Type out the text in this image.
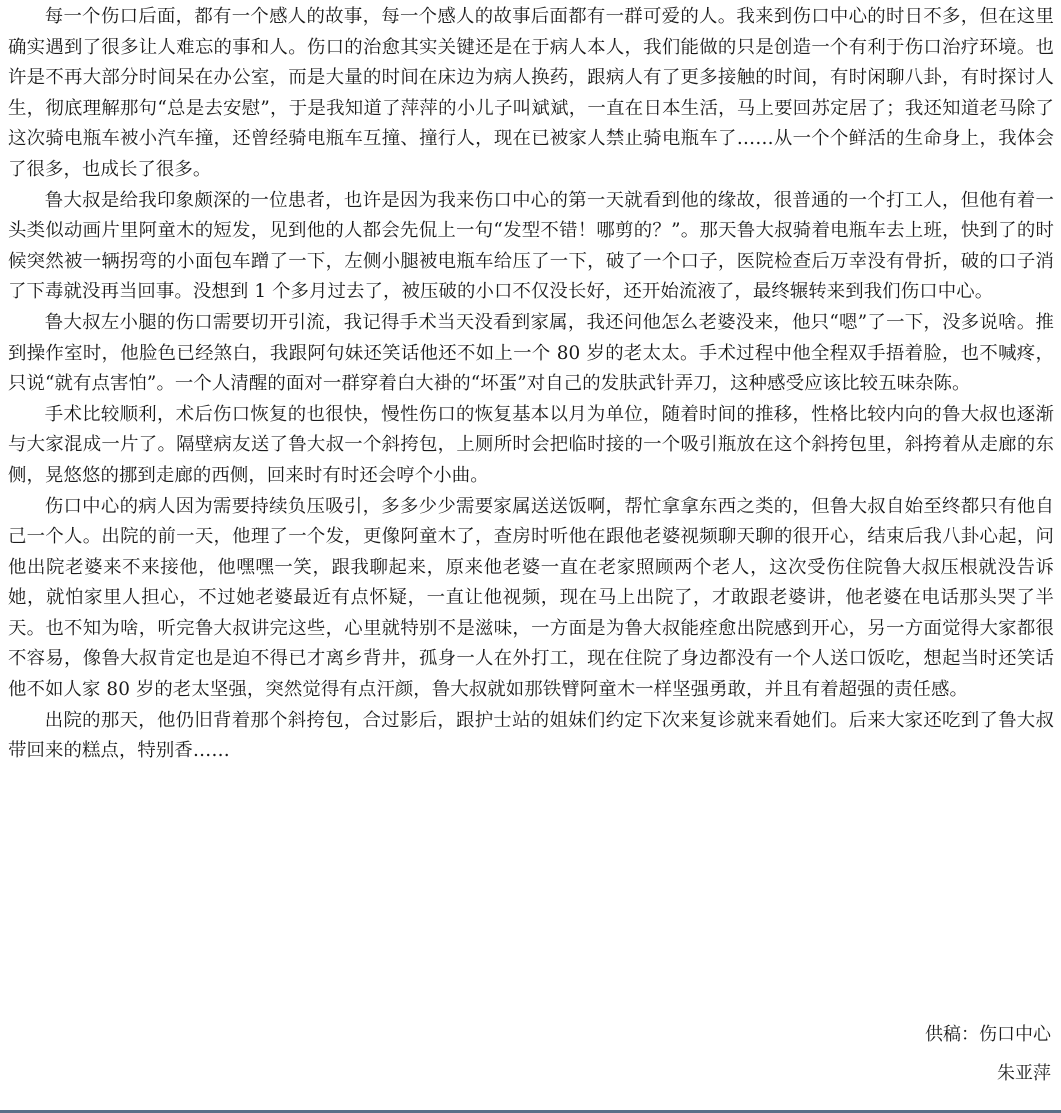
每一个伤口后面，都有一个感人的故事，每一个感人的故事后面都有一群可爱的人。我来到伤口中心的时日不多，但在这里确实遇到了很多让人难忘的事和人。伤口的治愈其实关键还是在于病人本人，我们能做的只是创造一个有利于伤口治疗环境。也许是不再大部分时间呆在办公室，而是大量的时间在床边为病人换药，跟病人有了更多接触的时间，有时闲聊八卦，有时探讨人生，彻底理解那句“总是去安慰”，于是我知道了萍萍的小儿子叫斌斌，一直在日本生活，马上要回苏定居了；我还知道老马除了这次骑电瓶车被小汽车撞，还曾经骑电瓶车互撞、撞行人，现在已被家人禁止骑电瓶车了……从一个个鲜活的生命身上，我体会了很多，也成长了很多。

鲁大叔是给我印象颇深的一位患者，也许是因为我来伤口中心的第一天就看到他的缘故，很普通的一个打工人，但他有着一头类似动画片里阿童木的短发，见到他的人都会先侃上一句“发型不错！哪剪的？”。那天鲁大叔骑着电瓶车去上班，快到了的时候突然被一辆拐弯的小面包车蹭了一下，左侧小腿被电瓶车给压了一下，破了一个口子，医院检查后万幸没有骨折，破的口子消了下毒就没再当回事。没想到 1 个多月过去了，被压破的小口不仅没长好，还开始流液了，最终辗转来到我们伤口中心。

鲁大叔左小腿的伤口需要切开引流，我记得手术当天没看到家属，我还问他怎么老婆没来，他只“嗯”了一下，没多说啥。推到操作室时，他脸色已经煞白，我跟阿句妹还笑话他还不如上一个 80 岁的老太太。手术过程中他全程双手捂着脸，也不喊疼，只说“就有点害怕”。一个人清醒的面对一群穿着白大褂的“坏蛋”对自己的发肤武针弄刀，这种感受应该比较五味杂陈。

手术比较顺利，术后伤口恢复的也很快，慢性伤口的恢复基本以月为单位，随着时间的推移，性格比较内向的鲁大叔也逐渐与大家混成一片了。隔壁病友送了鲁大叔一个斜挎包，上厕所时会把临时接的一个吸引瓶放在这个斜挎包里，斜挎着从走廊的东侧，晃悠悠的挪到走廊的西侧，回来时有时还会哼个小曲。

伤口中心的病人因为需要持续负压吸引，多多少少需要家属送送饭啊，帮忙拿拿东西之类的，但鲁大叔自始至终都只有他自己一个人。出院的前一天，他理了一个发，更像阿童木了，查房时听他在跟他老婆视频聊天聊的很开心，结束后我八卦心起，问他出院老婆来不来接他，他嘿嘿一笑，跟我聊起来，原来他老婆一直在老家照顾两个老人，这次受伤住院鲁大叔压根就没告诉她，就怕家里人担心，不过她老婆最近有点怀疑，一直让他视频，现在马上出院了，才敢跟老婆讲，他老婆在电话那头哭了半天。也不知为啥，听完鲁大叔讲完这些，心里就特别不是滋味，一方面是为鲁大叔能痊愈出院感到开心，另一方面觉得大家都很不容易，像鲁大叔肯定也是迫不得已才离乡背井，孤身一人在外打工，现在住院了身边都没有一个人送口饭吃，想起当时还笑话他不如人家 80 岁的老太坚强，突然觉得有点汗颜，鲁大叔就如那铁臂阿童木一样坚强勇敢，并且有着超强的责任感。

出院的那天，他仍旧背着那个斜挎包，合过影后，跟护士站的姐妹们约定下次来复诊就来看她们。后来大家还吃到了鲁大叔带回来的糕点，特别香……

供稿：伤口中心

朱亚萍
